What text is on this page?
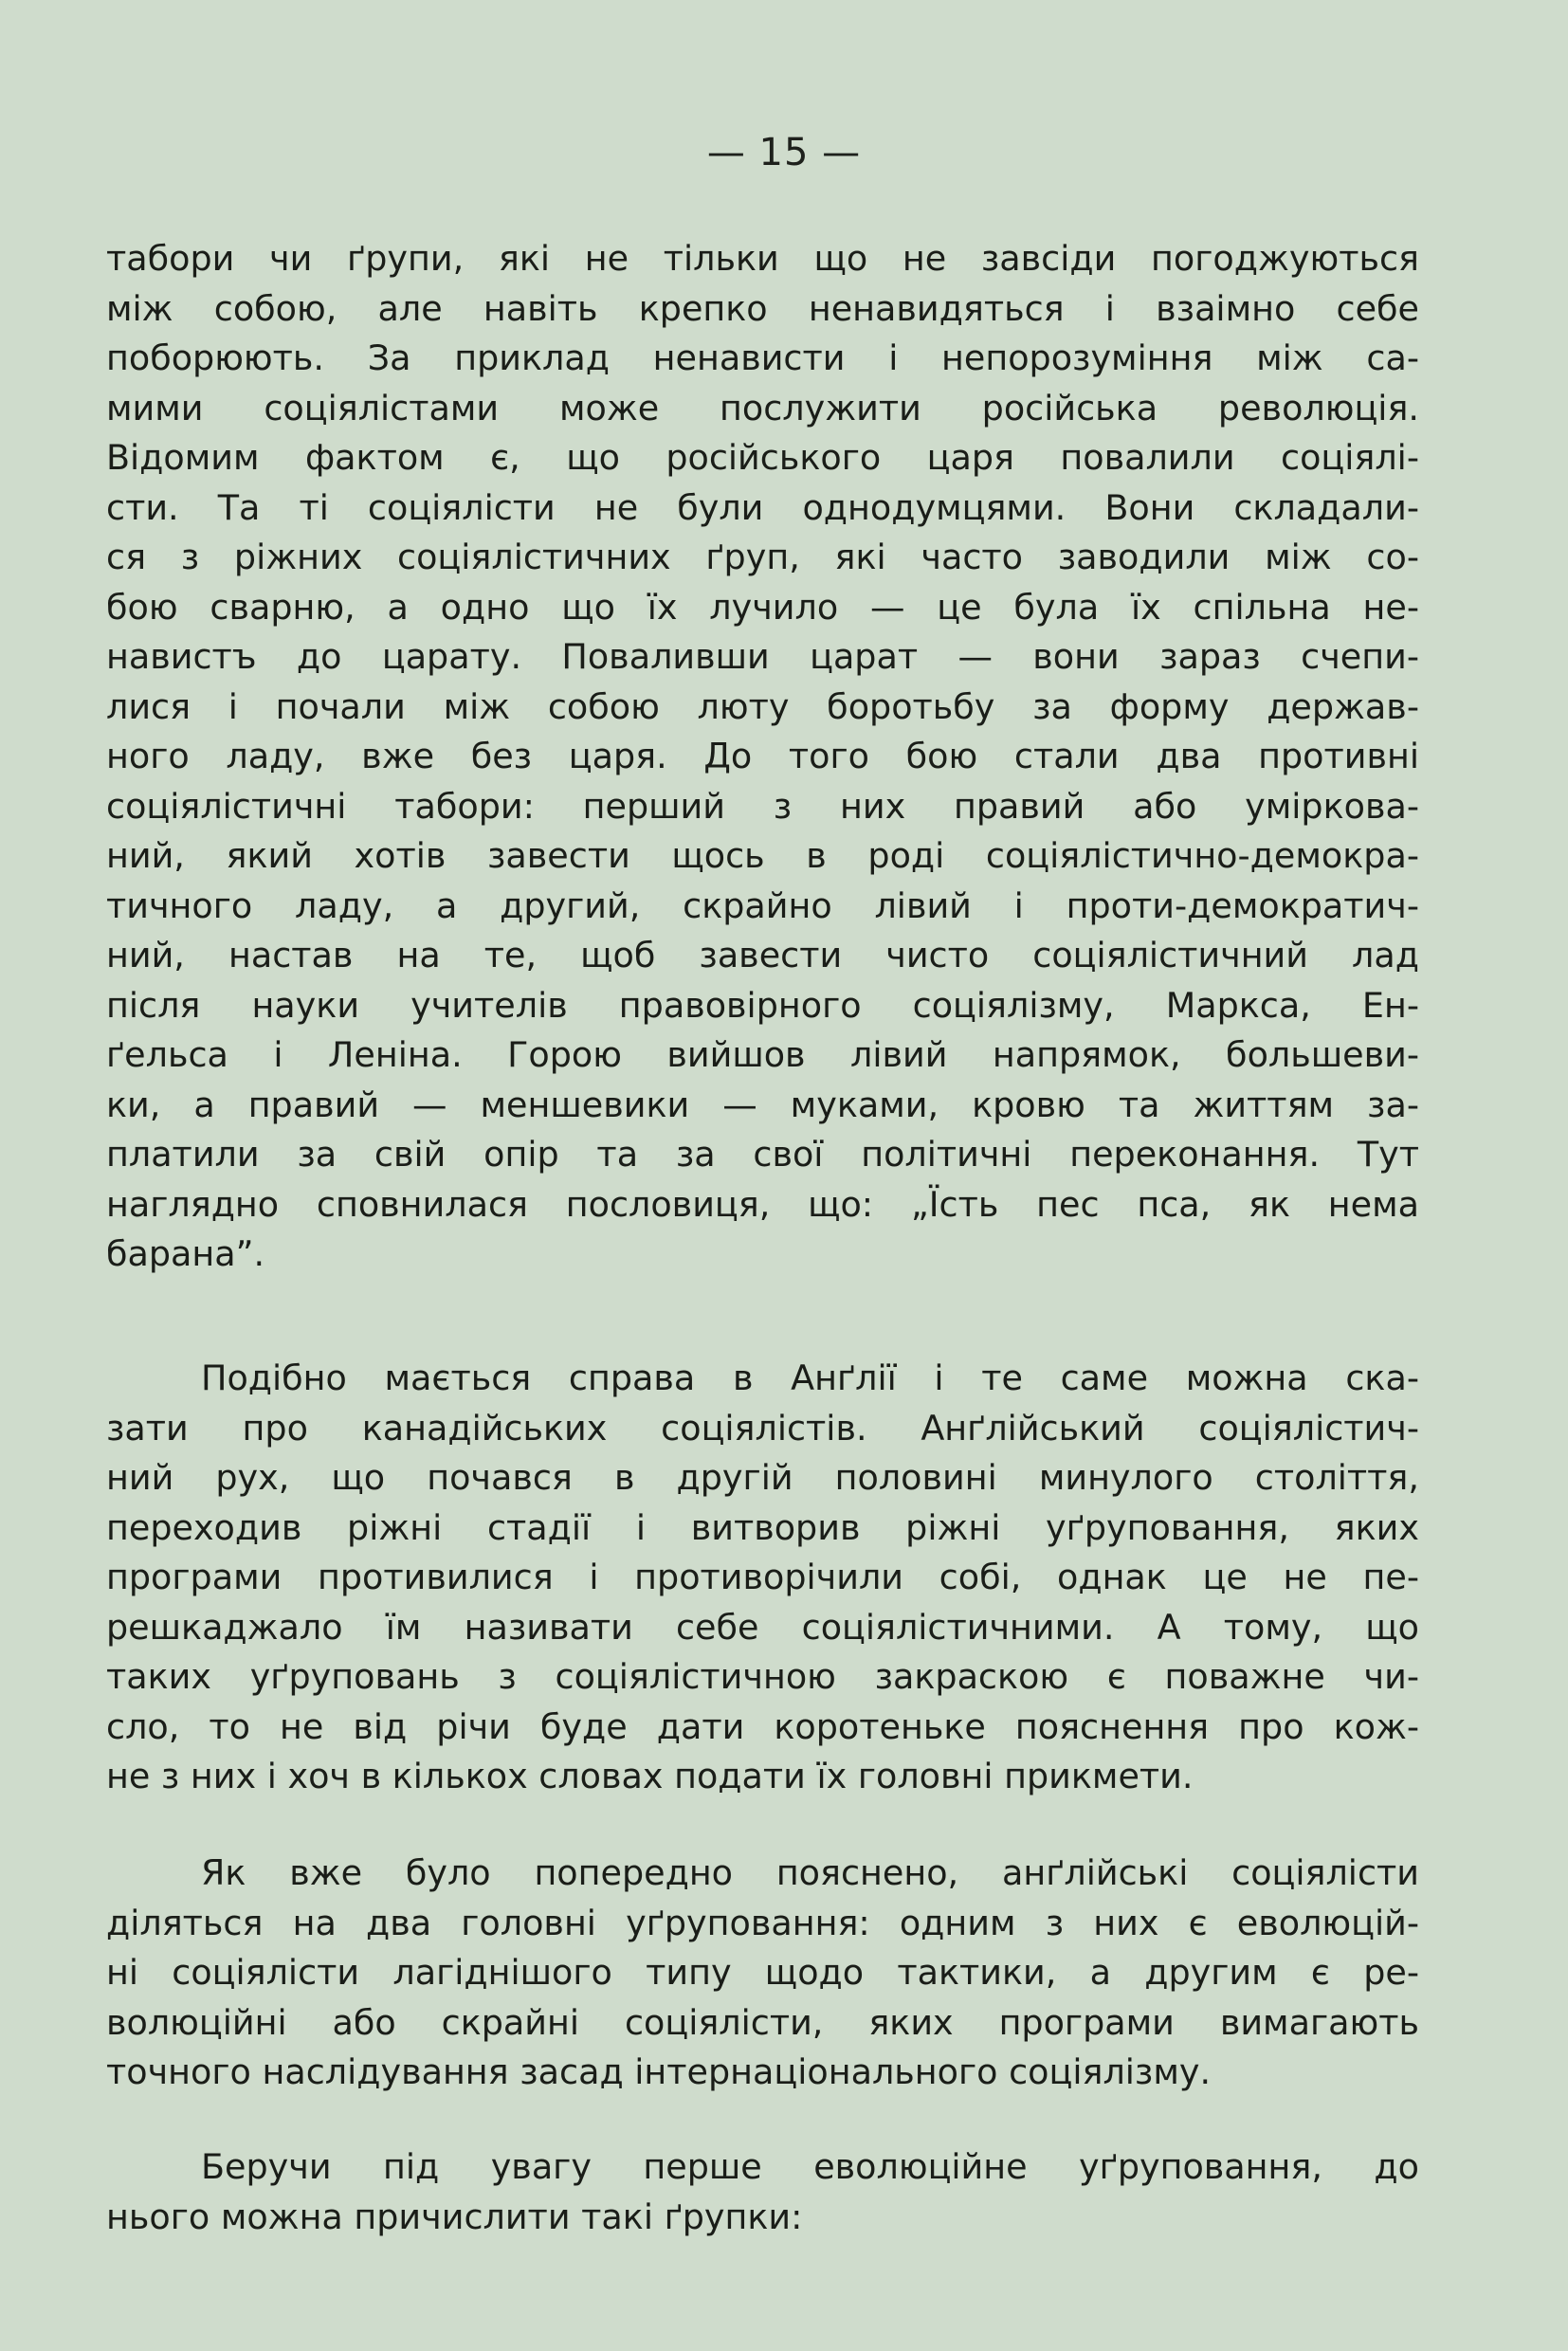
— 15 —
табори чи ґрупи, які не тільки що не завсіди погоджуються
між собою, але навіть крепко ненавидяться і взаімно себе
поборюють. За приклад ненависти і непорозуміння між са-
мими соціялістами може послужити російська революція.
Відомим фактом є, що російського царя повалили соціялі-
сти. Та ті соціялісти не були однодумцями. Вони складали-
ся з ріжних соціялістичних ґруп, які часто заводили між со-
бою сварню, а одно що їх лучило — це була їх спільна не-
навистъ до царату. Поваливши царат — вони зараз счепи-
лися і почали між собою люту боротьбу за форму держав-
ного ладу, вже без царя. До того бою стали два противні
соціялістичні табори: перший з них правий або уміркова-
ний, який хотів завести щось в роді соціялістично-демокра-
тичного ладу, а другий, скрайно лівий і проти-демократич-
ний, настав на те, щоб завести чисто соціялістичний лад
після науки учителів правовірного соціялізму, Маркса, Ен-
ґельса і Леніна. Горою вийшов лівий напрямок, большеви-
ки, а правий — меншевики — муками, кровю та життям за-
платили за свій опір та за свої політичні переконання. Тут
наглядно сповнилася пословиця, що: „Їсть пес пса, як нема
барана”.
Подібно мається справа в Анґлії і те саме можна ска-
зати про канадійських соціялістів. Анґлійський соціялістич-
ний рух, що почався в другій половині минулого століття,
переходив ріжні стадії і витворив ріжні уґруповання, яких
програми противилися і противорічили собі, однак це не пе-
решкаджало їм називати себе соціялістичними. А тому, що
таких уґруповань з соціялістичною закраскою є поважне чи-
сло, то не від річи буде дати коротеньке пояснення про кож-
не з них і хоч в кількох словах подати їх головні прикмети.
Як вже було попередно пояснено, анґлійські соціялісти
діляться на два головні уґруповання: одним з них є еволюцій-
ні соціялісти лагіднішого типу щодо тактики, а другим є ре-
волюційні або скрайні соціялісти, яких програми вимагають
точного наслідування засад інтернаціонального соціялізму.
Беручи під увагу перше еволюційне уґруповання, до
нього можна причислити такі ґрупки:
